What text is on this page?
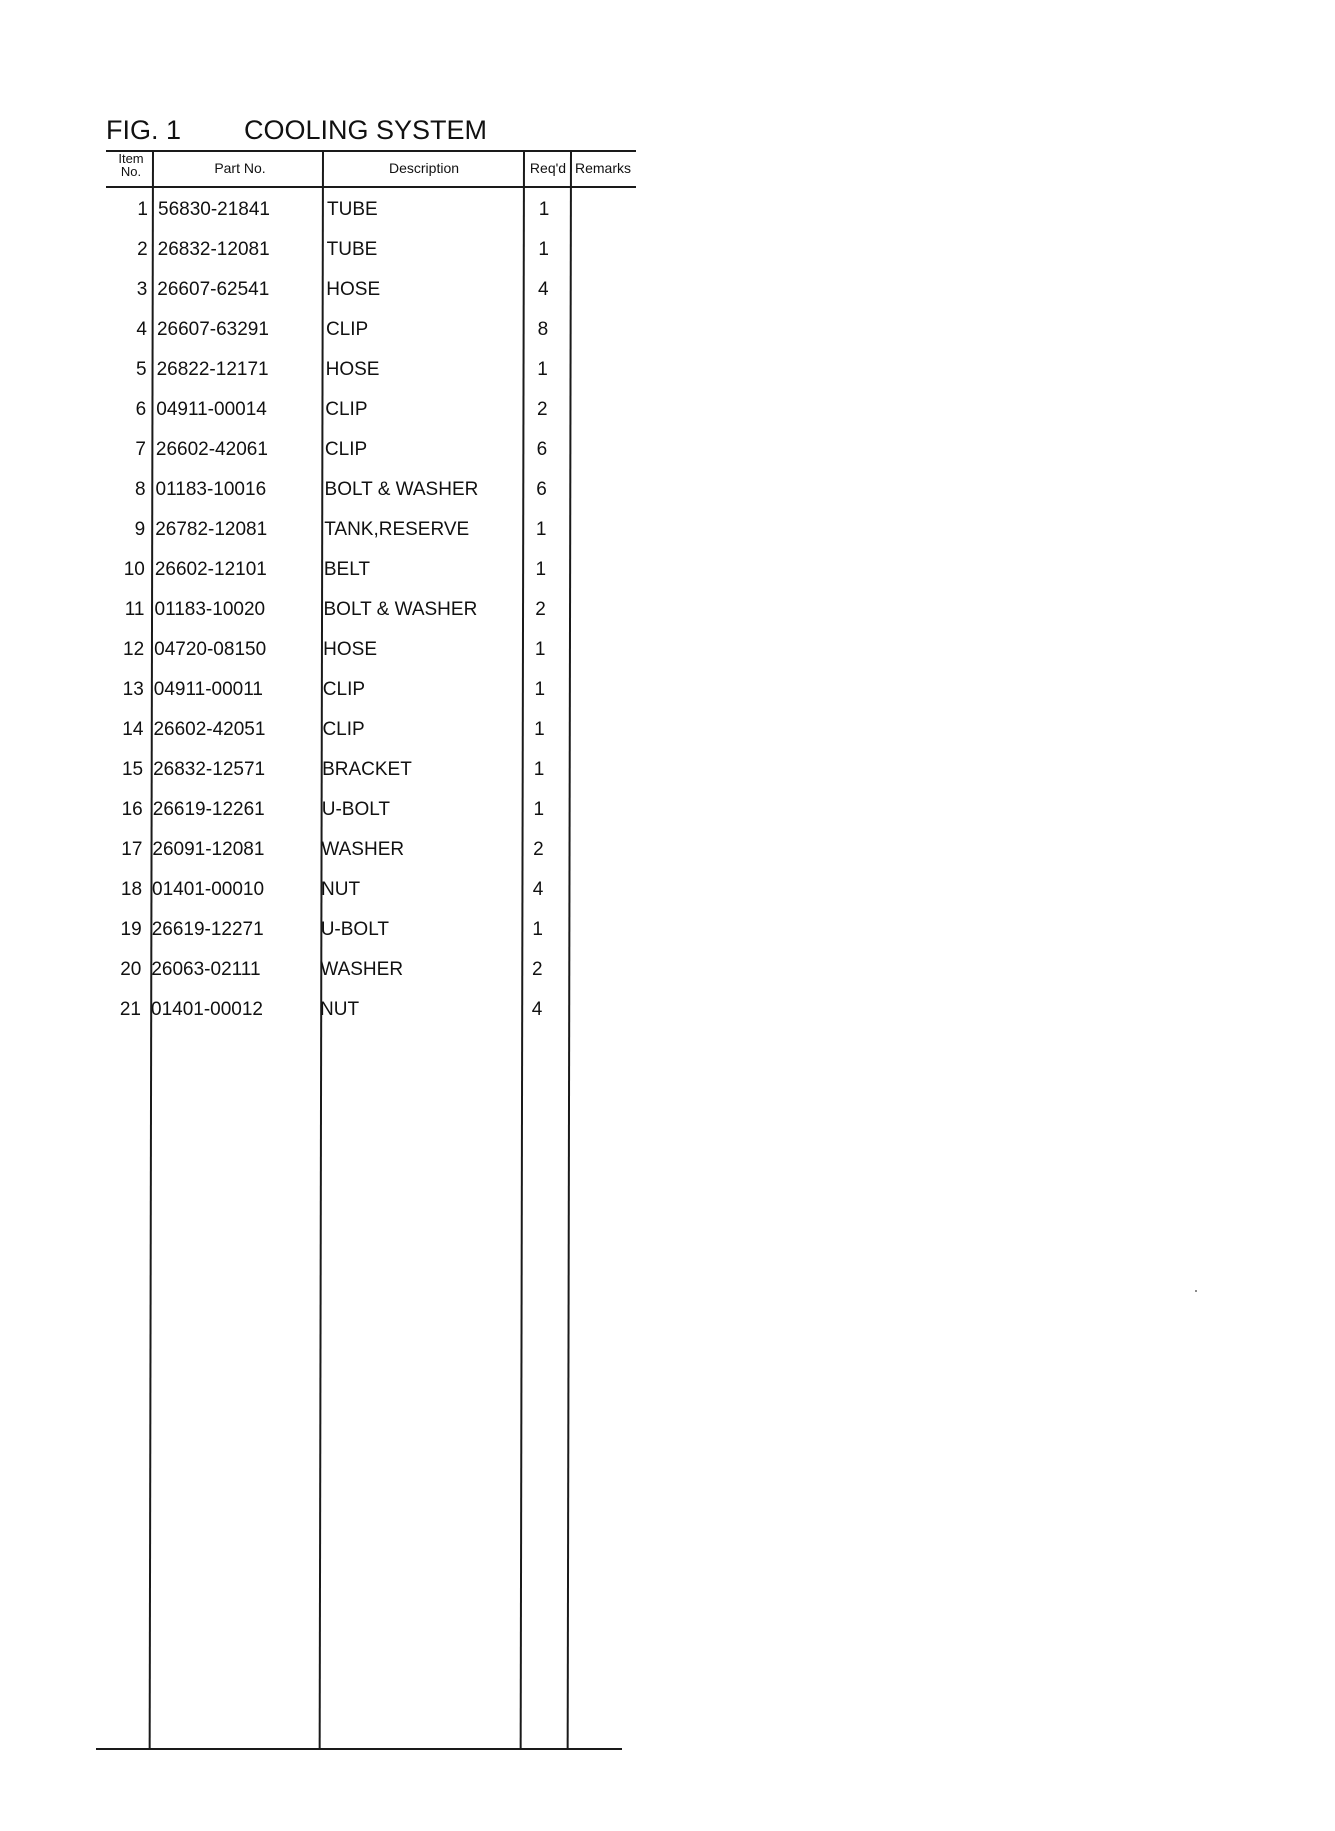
FIG. 1 COOLING SYSTEM
Item
No.	Part No.	Description	Req'd Remarks
1 56830-21841	TUBE	1
2 26832-12081	TUBE	1
3 26607-62541	HOSE	4
4 26607-63291	CLIP	8
5 26822-12171	HOSE	1
6 04911-00014	CLIP	2
7 26602-42061	CLIP	6
8 01183-10016	BOLT & WASHER	6
9 26782-12081	TANK,RESERVE	1
10 26602-12101	BELT	1
11 01183-10020	BOLT & WASHER	2
12 04720-08150	HOSE	1
13 04911-00011	CLIP	1
14 26602-42051	CLIP	1
15 26832-12571	BRACKET	1
16 26619-12261	U-BOLT	1
17 26091-12081	WASHER	2
18 01401-00010	NUT	4
19 26619-12271	U-BOLT	1
20 26063-02111	WASHER	2
21 01401-00012	NUT	4
